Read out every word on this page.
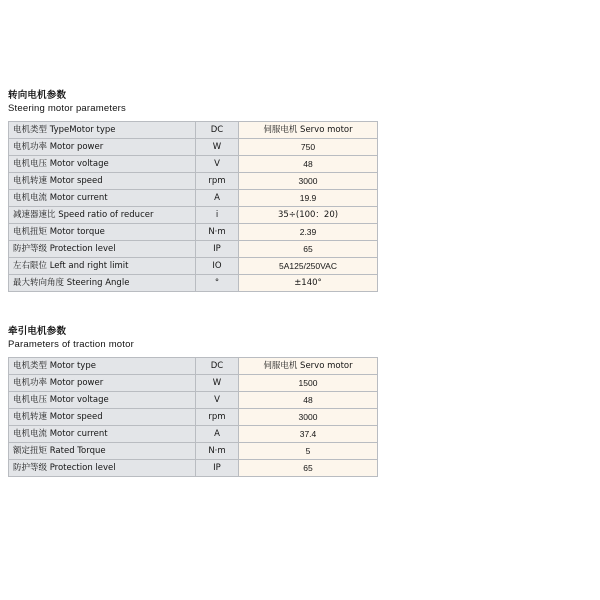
转向电机参数
Steering motor parameters
电机类型 TypeMotor type	DC	伺服电机 Servo motor
电机功率 Motor power	W	750
电机电压 Motor voltage	V	48
电机转速 Motor speed	rpm	3000
电机电流 Motor current	A	19.9
减速器速比 Speed ratio of reducer	i	35÷(100：20)
电机扭矩 Motor torque	N·m	2.39
防护等级 Protection level	IP	65
左右限位 Left and right limit	IO	5A125/250VAC
最大转向角度 Steering Angle	°	±140°
牵引电机参数
Parameters of traction motor
电机类型 Motor type	DC	伺服电机 Servo motor
电机功率 Motor power	W	1500
电机电压 Motor voltage	V	48
电机转速 Motor speed	rpm	3000
电机电流 Motor current	A	37.4
额定扭矩 Rated Torque	N·m	5
防护等级 Protection level	IP	65
